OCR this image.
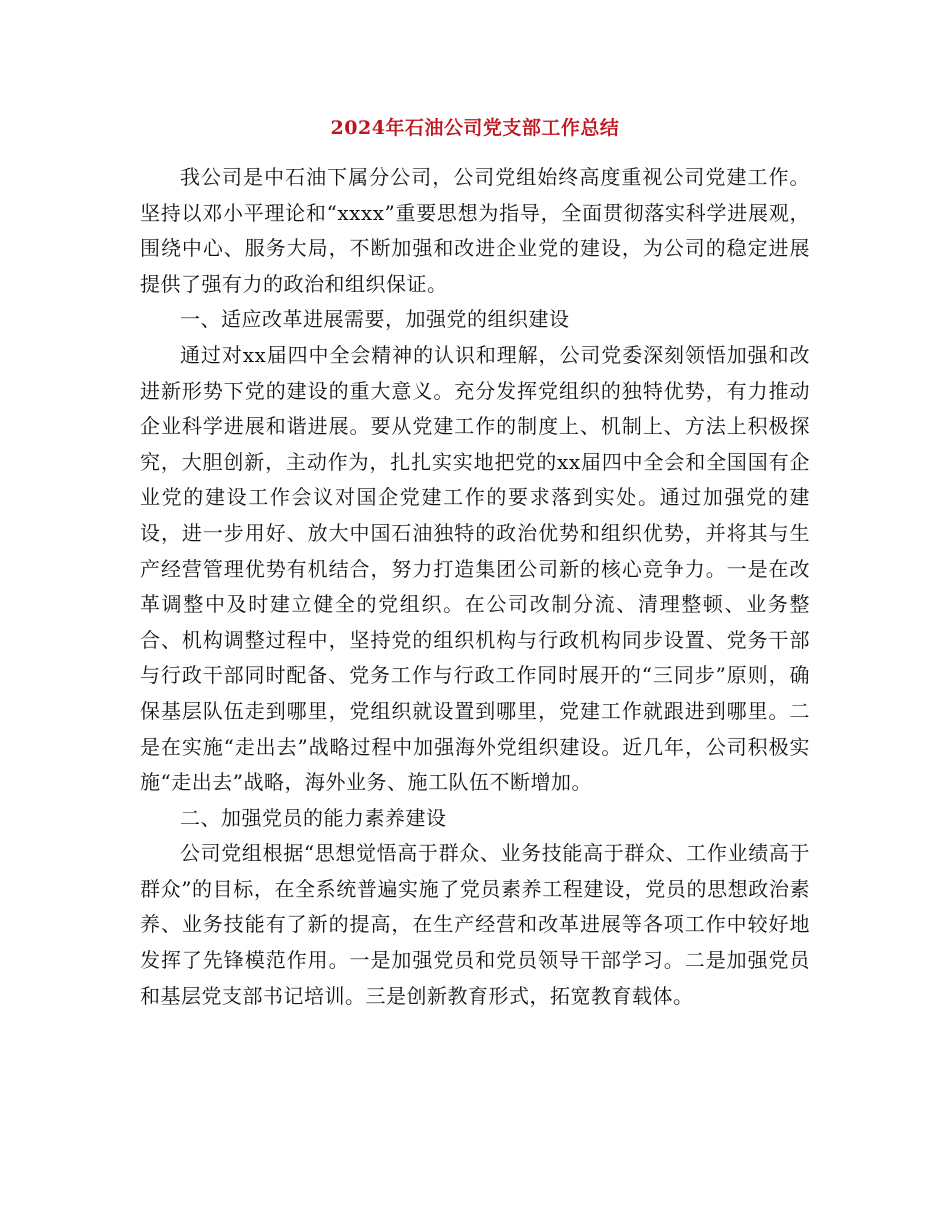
2024年石油公司党支部工作总结

我公司是中石油下属分公司，公司党组始终高度重视公司党建工作。坚持以邓小平理论和“xxxx”重要思想为指导，全面贯彻落实科学进展观，围绕中心、服务大局，不断加强和改进企业党的建设，为公司的稳定进展提供了强有力的政治和组织保证。

一、适应改革进展需要，加强党的组织建设

通过对xx届四中全会精神的认识和理解，公司党委深刻领悟加强和改进新形势下党的建设的重大意义。充分发挥党组织的独特优势，有力推动企业科学进展和谐进展。要从党建工作的制度上、机制上、方法上积极探究，大胆创新，主动作为，扎扎实实地把党的xx届四中全会和全国国有企业党的建设工作会议对国企党建工作的要求落到实处。通过加强党的建设，进一步用好、放大中国石油独特的政治优势和组织优势，并将其与生产经营管理优势有机结合，努力打造集团公司新的核心竞争力。一是在改革调整中及时建立健全的党组织。在公司改制分流、清理整顿、业务整合、机构调整过程中，坚持党的组织机构与行政机构同步设置、党务干部与行政干部同时配备、党务工作与行政工作同时展开的“三同步”原则，确保基层队伍走到哪里，党组织就设置到哪里，党建工作就跟进到哪里。二是在实施“走出去”战略过程中加强海外党组织建设。近几年，公司积极实施“走出去”战略，海外业务、施工队伍不断增加。

二、加强党员的能力素养建设

公司党组根据“思想觉悟高于群众、业务技能高于群众、工作业绩高于群众”的目标，在全系统普遍实施了党员素养工程建设，党员的思想政治素养、业务技能有了新的提高，在生产经营和改革进展等各项工作中较好地发挥了先锋模范作用。一是加强党员和党员领导干部学习。二是加强党员和基层党支部书记培训。三是创新教育形式，拓宽教育载体。
